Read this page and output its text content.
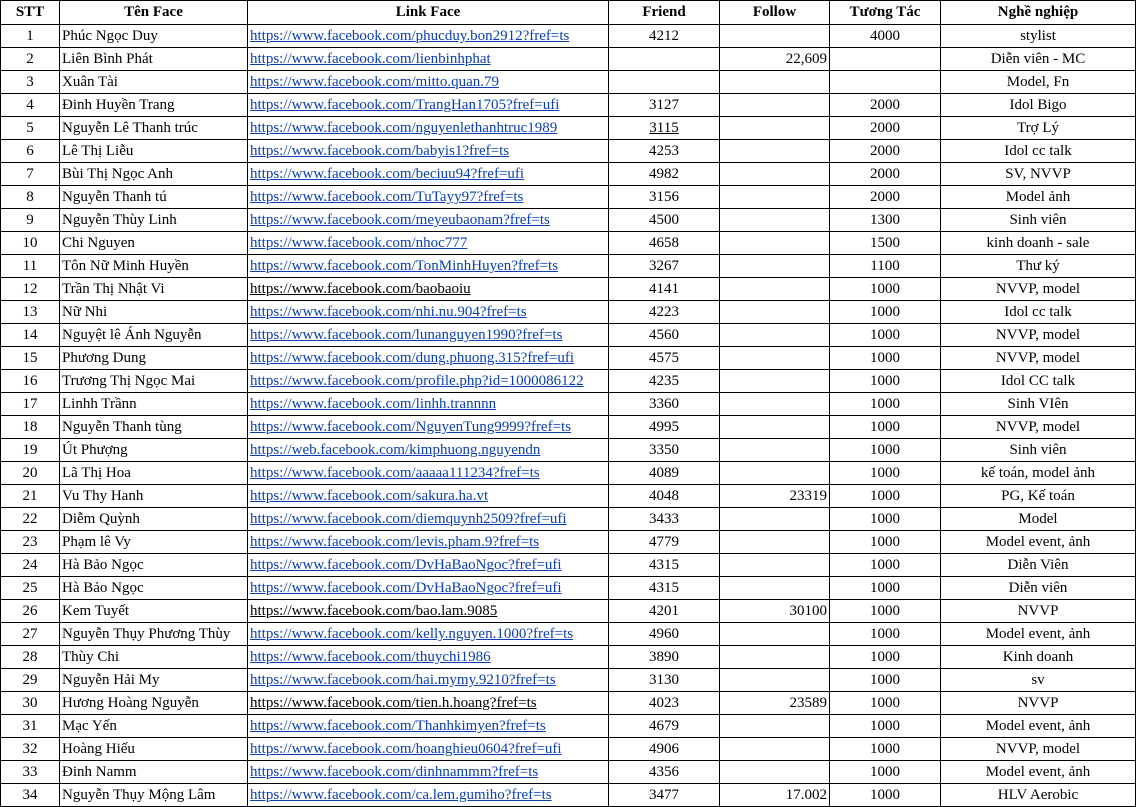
STT	Tên Face	Link Face	Friend	Follow	Tương Tác	Nghề nghiệp
1	Phúc Ngọc Duy	https://www.facebook.com/phucduy.bon2912?fref=ts	4212		4000	stylist
2	Liên Bình Phát	https://www.facebook.com/lienbinhphat		22,609		Diễn viên - MC
3	Xuân Tài	https://www.facebook.com/mitto.quan.79				Model, Fn
4	Đinh Huyền Trang	https://www.facebook.com/TrangHan1705?fref=ufi	3127		2000	Idol Bigo
5	Nguyễn Lê Thanh trúc	https://www.facebook.com/nguyenlethanhtruc1989	3115		2000	Trợ Lý
6	Lê Thị Liễu	https://www.facebook.com/babyis1?fref=ts	4253		2000	Idol cc talk
7	Bùi Thị Ngọc Anh	https://www.facebook.com/beciuu94?fref=ufi	4982		2000	SV, NVVP
8	Nguyễn Thanh tú	https://www.facebook.com/TuTayy97?fref=ts	3156		2000	Model ảnh
9	Nguyễn Thùy Linh	https://www.facebook.com/meyeubaonam?fref=ts	4500		1300	Sinh viên
10	Chi Nguyen	https://www.facebook.com/nhoc777	4658		1500	kinh doanh - sale
11	Tôn Nữ Minh Huyền	https://www.facebook.com/TonMinhHuyen?fref=ts	3267		1100	Thư ký
12	Trần Thị Nhật Vi	https://www.facebook.com/baobaoiu	4141		1000	NVVP, model
13	Nữ Nhi	https://www.facebook.com/nhi.nu.904?fref=ts	4223		1000	Idol cc talk
14	Nguyệt lê Ánh Nguyễn	https://www.facebook.com/lunanguyen1990?fref=ts	4560		1000	NVVP, model
15	Phương Dung	https://www.facebook.com/dung.phuong.315?fref=ufi	4575		1000	NVVP, model
16	Trương Thị Ngọc Mai	https://www.facebook.com/profile.php?id=1000086122	4235		1000	Idol CC talk
17	Linhh Trầnn	https://www.facebook.com/linhh.trannnn	3360		1000	Sinh VIên
18	Nguyễn Thanh tùng	https://www.facebook.com/NguyenTung9999?fref=ts	4995		1000	NVVP, model
19	Út Phượng	https://web.facebook.com/kimphuong.nguyendn	3350		1000	Sinh viên
20	Lã Thị Hoa	https://www.facebook.com/aaaaa111234?fref=ts	4089		1000	kế toán, model ảnh
21	Vu Thy Hanh	https://www.facebook.com/sakura.ha.vt	4048	23319	1000	PG, Kế toán
22	Diễm Quỳnh	https://www.facebook.com/diemquynh2509?fref=ufi	3433		1000	Model
23	Phạm lê Vy	https://www.facebook.com/levis.pham.9?fref=ts	4779		1000	Model event, ảnh
24	Hà Bảo Ngọc	https://www.facebook.com/DvHaBaoNgoc?fref=ufi	4315		1000	Diễn Viên
25	Hà Bảo Ngọc	https://www.facebook.com/DvHaBaoNgoc?fref=ufi	4315		1000	Diễn viên
26	Kem Tuyết	https://www.facebook.com/bao.lam.9085	4201	30100	1000	NVVP
27	Nguyễn Thụy Phương Thùy	https://www.facebook.com/kelly.nguyen.1000?fref=ts	4960		1000	Model event, ảnh
28	Thùy Chi	https://www.facebook.com/thuychi1986	3890		1000	Kinh doanh
29	Nguyễn Hải My	https://www.facebook.com/hai.mymy.9210?fref=ts	3130		1000	sv
30	Hương Hoàng Nguyễn	https://www.facebook.com/tien.h.hoang?fref=ts	4023	23589	1000	NVVP
31	Mạc Yến	https://www.facebook.com/Thanhkimyen?fref=ts	4679		1000	Model event, ảnh
32	Hoàng Hiếu	https://www.facebook.com/hoanghieu0604?fref=ufi	4906		1000	NVVP, model
33	Đinh Namm	https://www.facebook.com/dinhnammm?fref=ts	4356		1000	Model event, ảnh
34	Nguyễn Thụy Mộng Lâm	https://www.facebook.com/ca.lem.gumiho?fref=ts	3477	17.002	1000	HLV Aerobic
